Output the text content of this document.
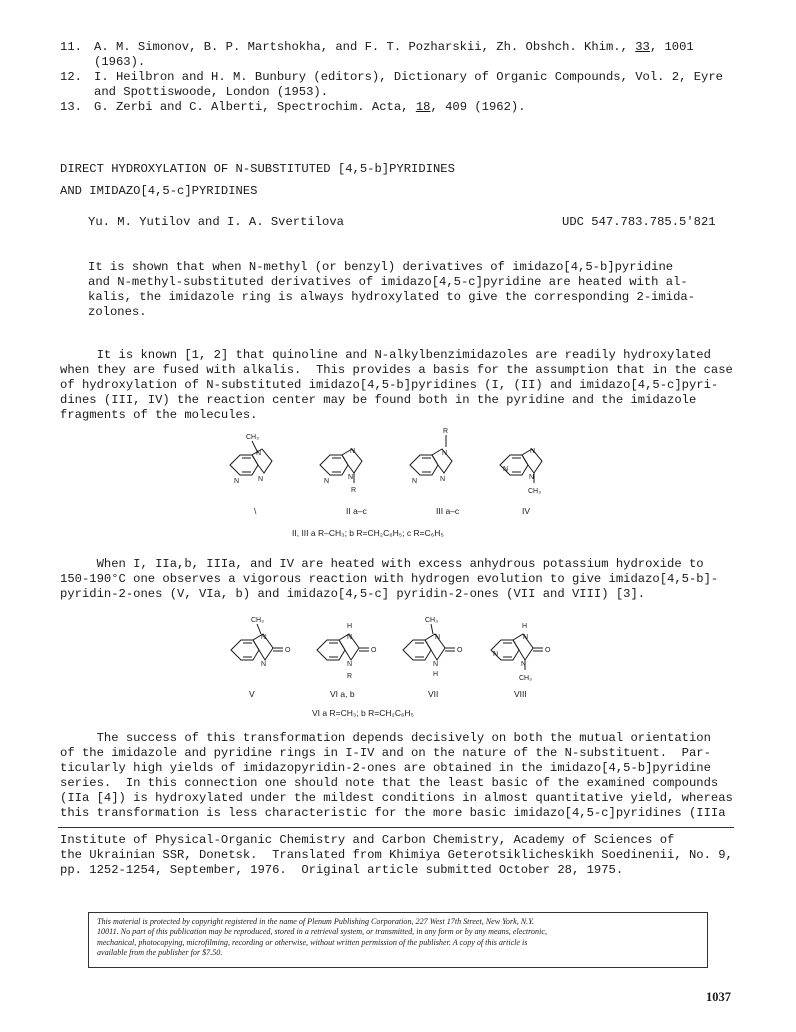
11. A. M. Simonov, B. P. Martshokha, and F. T. Pozharskii, Zh. Obshch. Khim., 33, 1001
(1963).
12. I. Heilbron and H. M. Bunbury (editors), Dictionary of Organic Compounds, Vol. 2, Eyre
and Spottiswoode, London (1953).
13. G. Zerbi and C. Alberti, Spectrochim. Acta, 18, 409 (1962).
DIRECT HYDROXYLATION OF N-SUBSTITUTED [4,5-b]PYRIDINES
AND IMIDAZO[4,5-c]PYRIDINES
Yu. M. Yutilov and I. A. Svertilova	UDC 547.783.785.5'821
It is shown that when N-methyl (or benzyl) derivatives of imidazo[4,5-b]pyridine
and N-methyl-substituted derivatives of imidazo[4,5-c]pyridine are heated with al-
kalis, the imidazole ring is always hydroxylated to give the corresponding 2-imida-
zolones.
It is known [1, 2] that quinoline and N-alkylbenzimidazoles are readily hydroxylated
when they are fused with alkalis.  This provides a basis for the assumption that in the case
of hydroxylation of N-substituted imidazo[4,5-b]pyridines (I, (II) and imidazo[4,5-c]pyri-
dines (III, IV) the reaction center may be found both in the pyridine and the imidazole
fragments of the molecules.
CH₃
N
N
N
N
N
N
R
R
N
N
N
N
N
N
CH₃
\	II a–c	III a–c	IV
II, III a R–CH₃; b R=CH₂C₆H₅; c R=C₆H₅
When I, IIa,b, IIIa, and IV are heated with excess anhydrous potassium hydroxide to
150-190°C one observes a vigorous reaction with hydrogen evolution to give imidazo[4,5-b]-
pyridin-2-ones (V, VIa, b) and imidazo[4,5-c] pyridin-2-ones (VII and VIII) [3].
CH₃
N
N
O
H
N
N
R
O
CH₃
N
N
H
O
H
N
N
N
CH₃
O
V	VI a, b	VII	VIII
VI a R=CH₃; b R=CH₂C₆H₅
The success of this transformation depends decisively on both the mutual orientation
of the imidazole and pyridine rings in I-IV and on the nature of the N-substituent.  Par-
ticularly high yields of imidazopyridin-2-ones are obtained in the imidazo[4,5-b]pyridine
series.  In this connection one should note that the least basic of the examined compounds
(IIa [4]) is hydroxylated under the mildest conditions in almost quantitative yield, whereas
this transformation is less characteristic for the more basic imidazo[4,5-c]pyridines (IIIa
Institute of Physical-Organic Chemistry and Carbon Chemistry, Academy of Sciences of
the Ukrainian SSR, Donetsk.  Translated from Khimiya Geterotsiklicheskikh Soedinenii, No. 9,
pp. 1252-1254, September, 1976.  Original article submitted October 28, 1975.
This material is protected by copyright registered in the name of Plenum Publishing Corporation, 227 West 17th Street, New York, N.Y.
10011. No part of this publication may be reproduced, stored in a retrieval system, or transmitted, in any form or by any means, electronic,
mechanical, photocopying, microfilming, recording or otherwise, without written permission of the publisher. A copy of this article is
available from the publisher for $7.50.
1037
